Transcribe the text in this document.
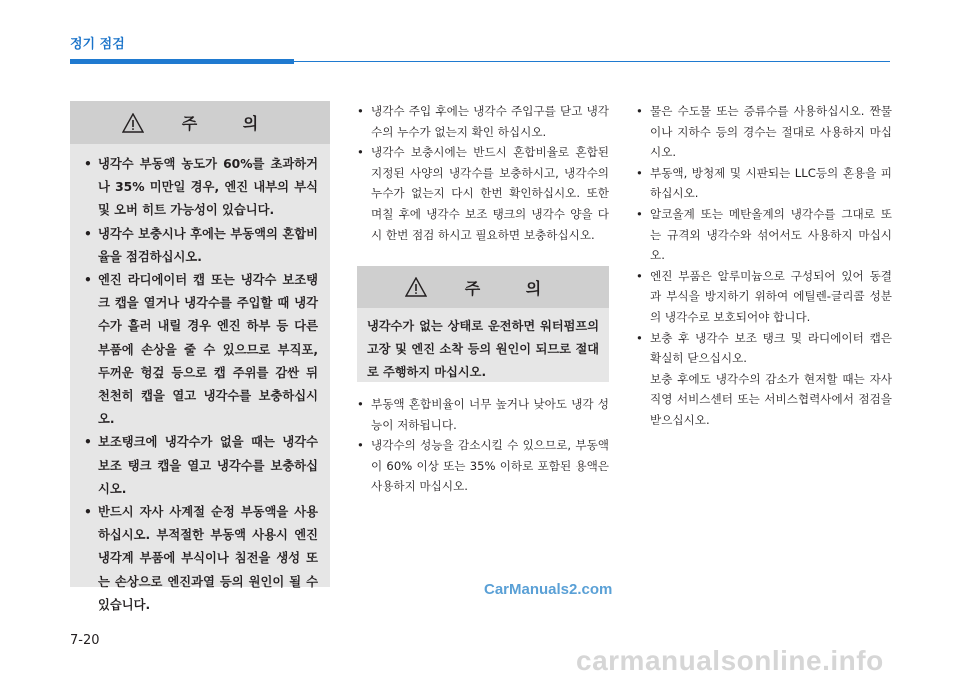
정기 점검
주 의
• 냉각수 부동액 농도가 60%를 초과하거나 35% 미만일 경우, 엔진 내부의 부식 및 오버 히트 가능성이 있습니다.
• 냉각수 보충시나 후에는 부동액의 혼합비율을 점검하십시오.
• 엔진 라디에이터 캡 또는 냉각수 보조탱크 캡을 열거나 냉각수를 주입할 때 냉각수가 흘러 내릴 경우 엔진 하부 등 다른 부품에 손상을 줄 수 있으므로 부직포, 두꺼운 헝겊 등으로 캡 주위를 감싼 뒤 천천히 캡을 열고 냉각수를 보충하십시오.
• 보조탱크에 냉각수가 없을 때는 냉각수 보조 탱크 캡을 열고 냉각수를 보충하십시오.
• 반드시 자사 사계절 순정 부동액을 사용하십시오. 부적절한 부동액 사용시 엔진 냉각계 부품에 부식이나 침전을 생성 또는 손상으로 엔진과열 등의 원인이 될 수 있습니다.
• 냉각수 주입 후에는 냉각수 주입구를 닫고 냉각수의 누수가 없는지 확인 하십시오.
• 냉각수 보충시에는 반드시 혼합비율로 혼합된 지정된 사양의 냉각수를 보충하시고, 냉각수의 누수가 없는지 다시 한번 확인하십시오. 또한 며칠 후에 냉각수 보조 탱크의 냉각수 양을 다시 한번 점검 하시고 필요하면 보충하십시오.
주 의
냉각수가 없는 상태로 운전하면 워터펌프의 고장 및 엔진 소착 등의 원인이 되므로 절대로 주행하지 마십시오.
• 부동액 혼합비율이 너무 높거나 낮아도 냉각 성능이 저하됩니다.
• 냉각수의 성능을 감소시킬 수 있으므로, 부동액이 60% 이상 또는 35% 이하로 포함된 용액은 사용하지 마십시오.
• 물은 수도물 또는 증류수를 사용하십시오. 짠물이나 지하수 등의 경수는 절대로 사용하지 마십시오.
• 부동액, 방청제 및 시판되는 LLC등의 혼용을 피하십시오.
• 알코올계 또는 메탄올계의 냉각수를 그대로 또는 규격외 냉각수와 섞어서도 사용하지 마십시오.
• 엔진 부품은 알루미늄으로 구성되어 있어 동결과 부식을 방지하기 위하여 에틸렌-글리콜 성분의 냉각수로 보호되어야 합니다.
• 보충 후 냉각수 보조 탱크 및 라디에이터 캡은 확실히 닫으십시오.
보충 후에도 냉각수의 감소가 현저할 때는 자사 직영 서비스센터 또는 서비스협력사에서 점검을 받으십시오.
CarManuals2.com
7-20
carmanualsonline.info
